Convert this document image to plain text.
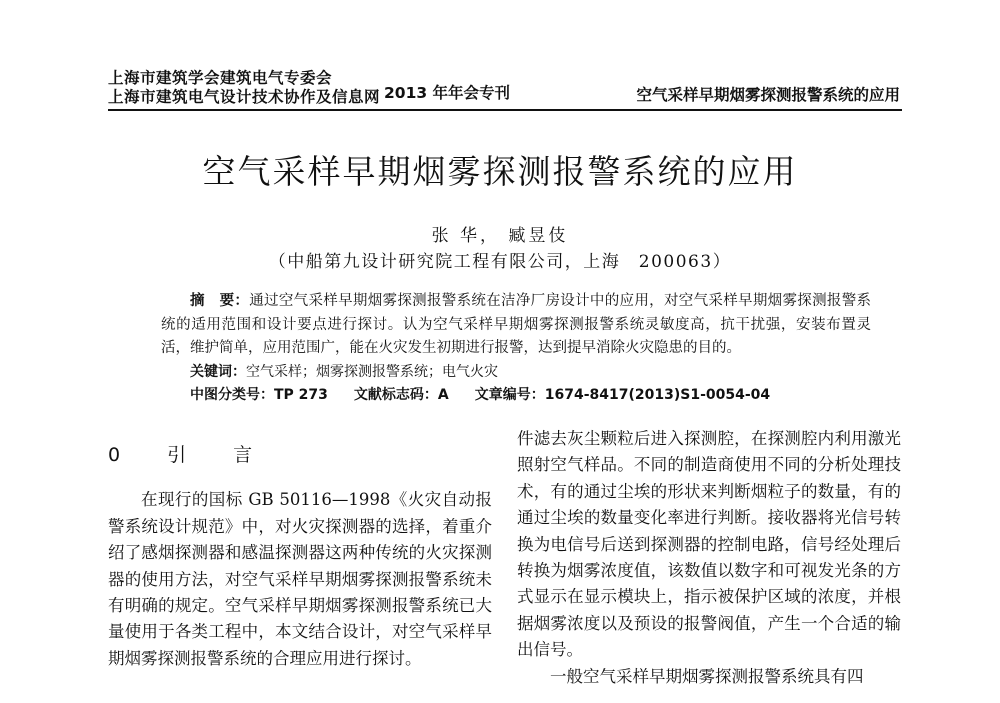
上海市建筑学会建筑电气专委会
上海市建筑电气设计技术协作及信息网 2013 年年会专刊	空气采样早期烟雾探测报警系统的应用
空气采样早期烟雾探测报警系统的应用
张 华， 臧昱伎
（中船第九设计研究院工程有限公司，上海　200063）

摘　要：通过空气采样早期烟雾探测报警系统在洁净厂房设计中的应用，对空气采样早期烟雾探测报警系统的适用范围和设计要点进行探讨。认为空气采样早期烟雾探测报警系统灵敏度高，抗干扰强，安装布置灵活，维护简单，应用范围广，能在火灾发生初期进行报警，达到提早消除火灾隐患的目的。

关键词：空气采样；烟雾探测报警系统；电气火灾
中图分类号：TP 273 文献标志码：A 文章编号：1674-8417(2013)S1-0054-04

0　引　言

在现行的国标 GB 50116—1998《火灾自动报警系统设计规范》中，对火灾探测器的选择，着重介绍了感烟探测器和感温探测器这两种传统的火灾探测器的使用方法，对空气采样早期烟雾探测报警系统未有明确的规定。空气采样早期烟雾探测报警系统已大量使用于各类工程中，本文结合设计，对空气采样早期烟雾探测报警系统的合理应用进行探讨。

件滤去灰尘颗粒后进入探测腔，在探测腔内利用激光照射空气样品。不同的制造商使用不同的分析处理技术，有的通过尘埃的形状来判断烟粒子的数量，有的通过尘埃的数量变化率进行判断。接收器将光信号转换为电信号后送到探测器的控制电路，信号经处理后转换为烟雾浓度值，该数值以数字和可视发光条的方式显示在显示模块上，指示被保护区域的浓度，并根据烟雾浓度以及预设的报警阀值，产生一个合适的输出信号。

一般空气采样早期烟雾探测报警系统具有四
